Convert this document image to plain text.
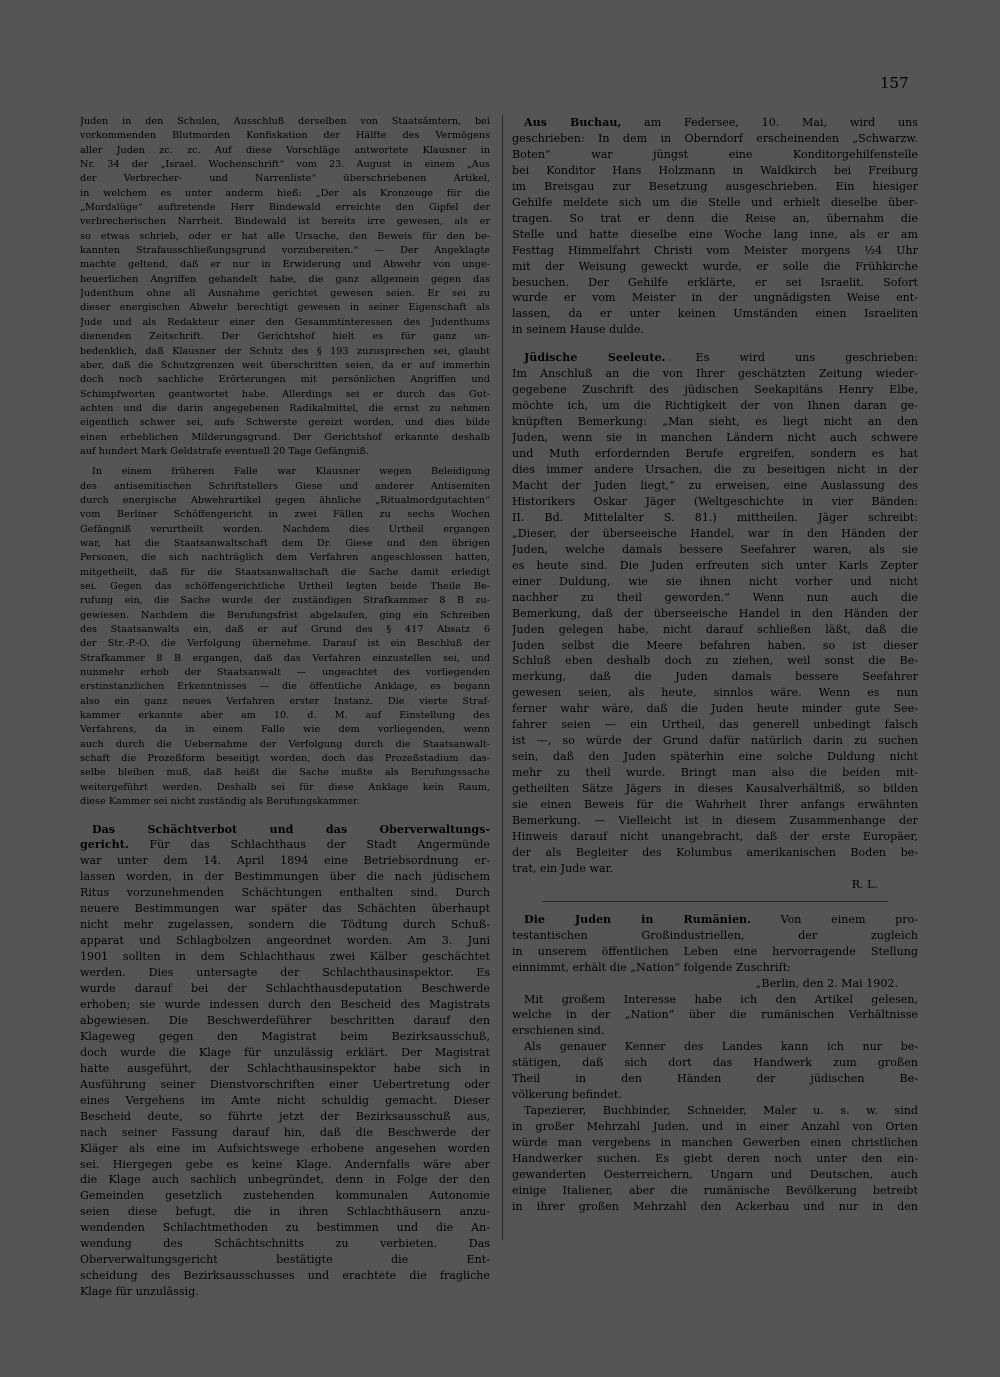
157
Juden in den Schulen, Ausschluß derselben von Staatsämtern, bei
vorkommenden Blutmorden Konfiskation der Hälfte des Vermögens
aller Juden zc. zc. Auf diese Vorschläge antwortete Klausner in
Nr. 34 der „Israel. Wochenschrift“ vom 23. August in einem „Aus
der Verbrecher- und Narrenliste“ überschriebenen Artikel,
in welchem es unter anderm hieß: „Der als Kronzeuge für die
„Mordslüge“ auftretende Herr Bindewald erreichte den Gipfel der
verbrecherischen Narrheit. Bindewald ist bereits irre gewesen, als er
so etwas schrieb, oder er hat alle Ursache, den Beweis für den be-
kannten Strafausschließungsgrund vorzubereiten.“ — Der Angeklagte
machte geltend, daß er nur in Erwiderung und Abwehr von unge-
heuerlichen Angriffen gehandelt habe, die ganz allgemein gegen das
Judenthum ohne all Ausnahme gerichtet gewesen seien. Er sei zu
dieser energischen Abwehr berechtigt gewesen in seiner Eigenschaft als
Jude und als Redakteur einer den Gesammtinteressen des Judenthums
dienenden Zeitschrift. Der Gerichtshof hielt es für ganz un-
bedenklich, daß Klausner der Schutz des § 193 zuzusprechen sei, glaubt
aber, daß die Schutzgrenzen weit überschritten seien, da er auf immerhin
doch noch sachliche Erörterungen mit persönlichen Angriffen und
Schimpfworten geantwortet habe. Allerdings sei er durch das Gut-
achten und die darin angegebenen Radikalmittel, die ernst zu nehmen
eigentlich schwer sei, aufs Schwerste gereizt worden, und dies bilde
einen erheblichen Milderungsgrund. Der Gerichtshof erkannte deshalb
auf hundert Mark Geldstrafe eventuell 20 Tage Gefängniß.
In einem früheren Falle war Klausner wegen Beleidigung
des antisemitischen Schriftstellers Giese und anderer Antisemiten
durch energische Abwehrartikel gegen ähnliche „Ritualmordgutachten“
vom Berliner Schöffengericht in zwei Fällen zu sechs Wochen
Gefängniß verurtheilt worden. Nachdem dies Urtheil ergangen
war, hat die Staatsanwaltschaft dem Dr. Giese und den übrigen
Personen, die sich nachträglich dem Verfahren angeschlossen hatten,
mitgetheilt, daß für die Staatsanwaltschaft die Sache damit erledigt
sei. Gegen das schöffengerichtliche Urtheil legten beide Theile Be-
rufung ein, die Sache wurde der zuständigen Strafkammer 8 B zu-
gewiesen. Nachdem die Berufungsfrist abgelaufen, ging ein Schreiben
des Staatsanwalts ein, daß er auf Grund des § 417 Absatz 6
der Str.-P.-O. die Verfolgung übernehme. Darauf ist ein Beschluß der
Strafkammer 8 B ergangen, daß das Verfahren einzustellen sei, und
nunmehr erhob der Staatsanwalt — ungeachtet des vorliegenden
erstinstanzlichen Erkenntnisses — die öffentliche Anklage, es begann
also ein ganz neues Verfahren erster Instanz. Die vierte Straf-
kammer erkannte aber am 10. d. M. auf Einstellung des
Verfahrens, da in einem Falle wie dem vorliegenden, wenn
auch durch die Uebernahme der Verfolgung durch die Staatsanwalt-
schaft die Prozeßform beseitigt worden, doch das Prozeßstadium das-
selbe bleiben muß, daß heißt die Sache mußte als Berufungssache
weitergeführt werden. Deshalb sei für diese Anklage kein Raum,
diese Kammer sei nicht zuständig als Berufungskammer.
Das Schächtverbot und das Oberverwaltungs-
gericht. Für das Schlachthaus der Stadt Angermünde
war unter dem 14. April 1894 eine Betriebsordnung er-
lassen worden, in der Bestimmungen über die nach jüdischem
Ritus vorzunehmenden Schächtungen enthalten sind. Durch
neuere Bestimmungen war später das Schächten überhaupt
nicht mehr zugelassen, sondern die Tödtung durch Schuß-
apparat und Schlagbolzen angeordnet worden. Am 3. Juni
1901 sollten in dem Schlachthaus zwei Kälber geschächtet
werden. Dies untersagte der Schlachthausinspektor. Es
wurde darauf bei der Schlachthausdeputation Beschwerde
erhoben; sie wurde indessen durch den Bescheid des Magistrats
abgewiesen. Die Beschwerdeführer beschritten darauf den
Klageweg gegen den Magistrat beim Bezirksausschuß,
doch wurde die Klage für unzulässig erklärt. Der Magistrat
hatte ausgeführt, der Schlachthausinspektor habe sich in
Ausführung seiner Dienstvorschriften einer Uebertretung oder
eines Vergehens im Amte nicht schuldig gemacht. Dieser
Bescheid deute, so führte jetzt der Bezirksausschuß aus,
nach seiner Fassung darauf hin, daß die Beschwerde der
Kläger als eine im Aufsichtswege erhobene angesehen worden
sei. Hiergegen gebe es keine Klage. Andernfalls wäre aber
die Klage auch sachlich unbegründet, denn in Folge der den
Gemeinden gesetzlich zustehenden kommunalen Autonomie
seien diese befugt, die in ihren Schlachthäusern anzu-
wendenden Schlachtmethoden zu bestimmen und die An-
wendung des Schächtschnitts zu verbieten. Das
Oberverwaltungsgericht bestätigte die Ent-
scheidung des Bezirksausschusses und erachtete die fragliche
Klage für unzulässig.
Aus Buchau, am Federsee, 10. Mai, wird uns
geschrieben: In dem in Oberndorf erscheinenden „Schwarzw.
Boten“ war jüngst eine Konditorgehilfenstelle
bei Konditor Hans Holzmann in Waldkirch bei Freiburg
im Breisgau zur Besetzung ausgeschrieben. Ein hiesiger
Gehilfe meldete sich um die Stelle und erhielt dieselbe über-
tragen. So trat er denn die Reise an, übernahm die
Stelle und hatte dieselbe eine Woche lang inne, als er am
Festtag Himmelfahrt Christi vom Meister morgens ½4 Uhr
mit der Weisung geweckt wurde, er solle die Frühkirche
besuchen. Der Gehilfe erklärte, er sei Israelit. Sofort
wurde er vom Meister in der ungnädigsten Weise ent-
lassen, da er unter keinen Umständen einen Israeliten
in seinem Hause dulde.
Jüdische Seeleute.	Es wird uns geschrieben:
Im Anschluß an die von Ihrer geschätzten Zeitung wieder-
gegebene Zuschrift des jüdischen Seekapitäns Henry Elbe,
möchte ich, um die Richtigkeit der von Ihnen daran ge-
knüpften Bemerkung: „Man sieht, es liegt nicht an den
Juden, wenn sie in manchen Ländern nicht auch schwere
und Muth erfordernden Berufe ergreifen, sondern es hat
dies immer andere Ursachen, die zu beseitigen nicht in der
Macht der Juden liegt,“ zu erweisen, eine Auslassung des
Historikers Oskar Jäger (Weltgeschichte in vier Bänden:
II. Bd. Mittelalter S. 81.) mittheilen. Jäger schreibt:
„Dieser, der überseeische Handel, war in den Händen der
Juden, welche damals bessere Seefahrer waren, als sie
es heute sind. Die Juden erfreuten sich unter Karls Zepter
einer Duldung, wie sie ihnen nicht vorher und nicht
nachher zu theil geworden.“ Wenn nun auch die
Bemerkung, daß der überseeische Handel in den Händen der
Juden gelegen habe, nicht darauf schließen läßt, daß die
Juden selbst die Meere befahren haben, so ist dieser
Schluß eben deshalb doch zu ziehen, weil sonst die Be-
merkung, daß die Juden damals bessere Seefahrer
gewesen seien, als heute, sinnlos wäre. Wenn es nun
ferner wahr wäre, daß die Juden heute minder gute See-
fahrer seien — ein Urtheil, das generell unbedingt falsch
ist —, so würde der Grund dafür natürlich darin zu suchen
sein, daß den Juden späterhin eine solche Duldung nicht
mehr zu theil wurde. Bringt man also die beiden mit-
getheilten Sätze Jägers in dieses Kausalverhältniß, so bilden
sie einen Beweis für die Wahrheit Ihrer anfangs erwähnten
Bemerkung. — Vielleicht ist in diesem Zusammenhange der
Hinweis darauf nicht unangebracht, daß der erste Europäer,
der als Begleiter des Kolumbus amerikanischen Boden be-
trat, ein Jude war.
R. L.
Die Juden in Rumänien.	Von einem pro-
testantischen Großindustriellen, der zugleich
in unserem öffentlichen Leben eine hervorragende Stellung
einnimmt, erhält die „Nation“ folgende Zuschrift:
„Berlin, den 2. Mai 1902.
Mit großem Interesse habe ich den Artikel gelesen,
welche in der „Nation“ über die rumänischen Verhältnisse
erschienen sind.
Als genauer Kenner des Landes kann ich nur be-
stätigen, daß sich dort das Handwerk zum großen
Theil in den Händen der jüdischen Be-
völkerung befindet.
Tapezierer, Buchbinder, Schneider, Maler u. s. w. sind
in großer Mehrzahl Juden, und in einer Anzahl von Orten
würde man vergebens in manchen Gewerben einen christlichen
Handwerker suchen. Es giebt deren noch unter den ein-
gewanderten Oesterreichern, Ungarn und Deutschen, auch
einige Italiener, aber die rumänische Bevölkerung betreibt
in ihrer großen Mehrzahl den Ackerbau und nur in den
